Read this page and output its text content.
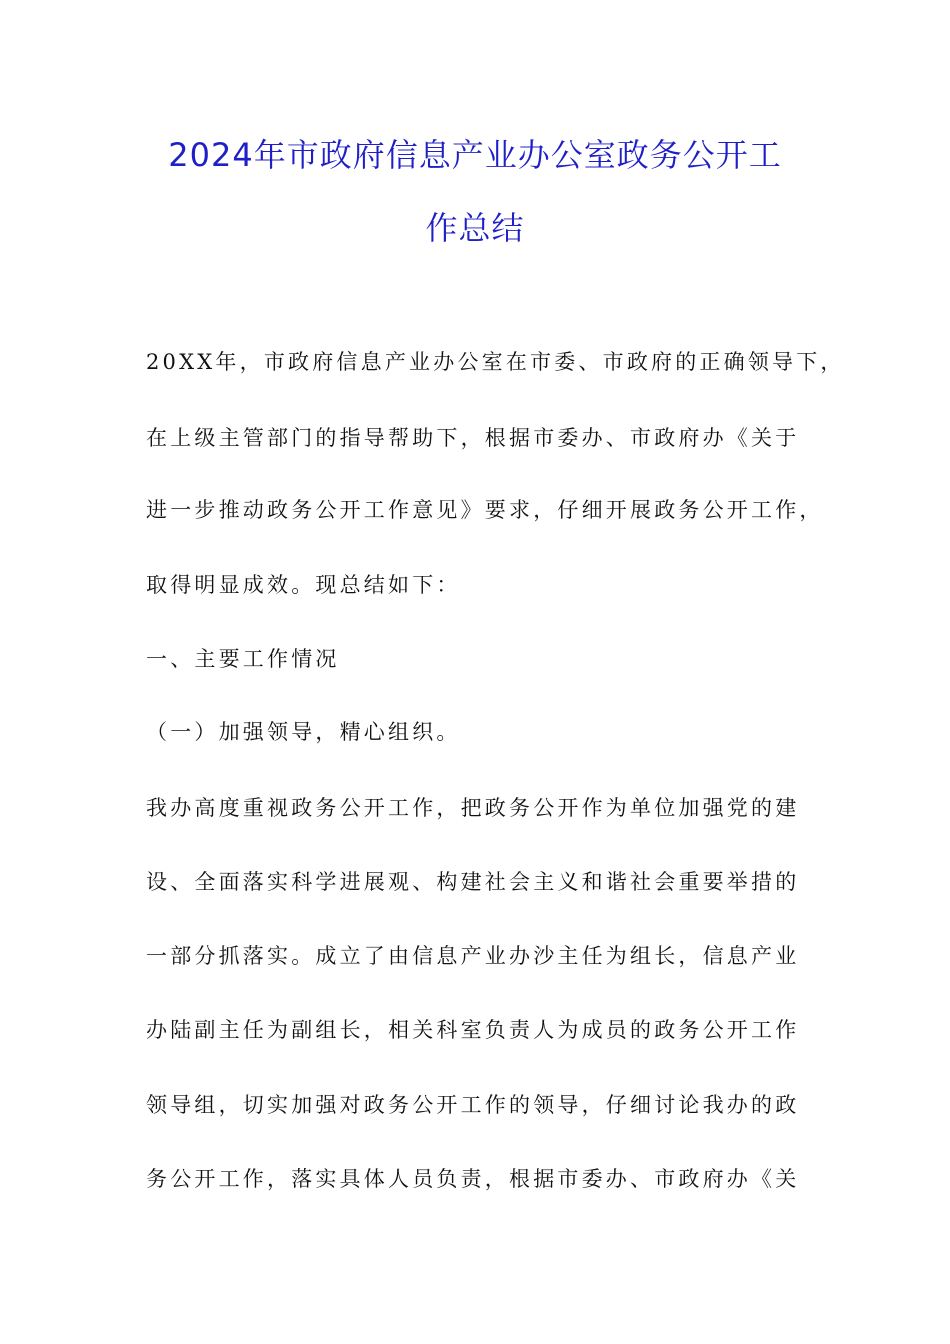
2024年市政府信息产业办公室政务公开工
作总结
20XX年，市政府信息产业办公室在市委、市政府的正确领导下，
在上级主管部门的指导帮助下，根据市委办、市政府办《关于
进一步推动政务公开工作意见》要求，仔细开展政务公开工作，
取得明显成效。现总结如下：
一、主要工作情况
（一）加强领导，精心组织。
我办高度重视政务公开工作，把政务公开作为单位加强党的建
设、全面落实科学进展观、构建社会主义和谐社会重要举措的
一部分抓落实。成立了由信息产业办沙主任为组长，信息产业
办陆副主任为副组长，相关科室负责人为成员的政务公开工作
领导组，切实加强对政务公开工作的领导，仔细讨论我办的政
务公开工作，落实具体人员负责，根据市委办、市政府办《关
